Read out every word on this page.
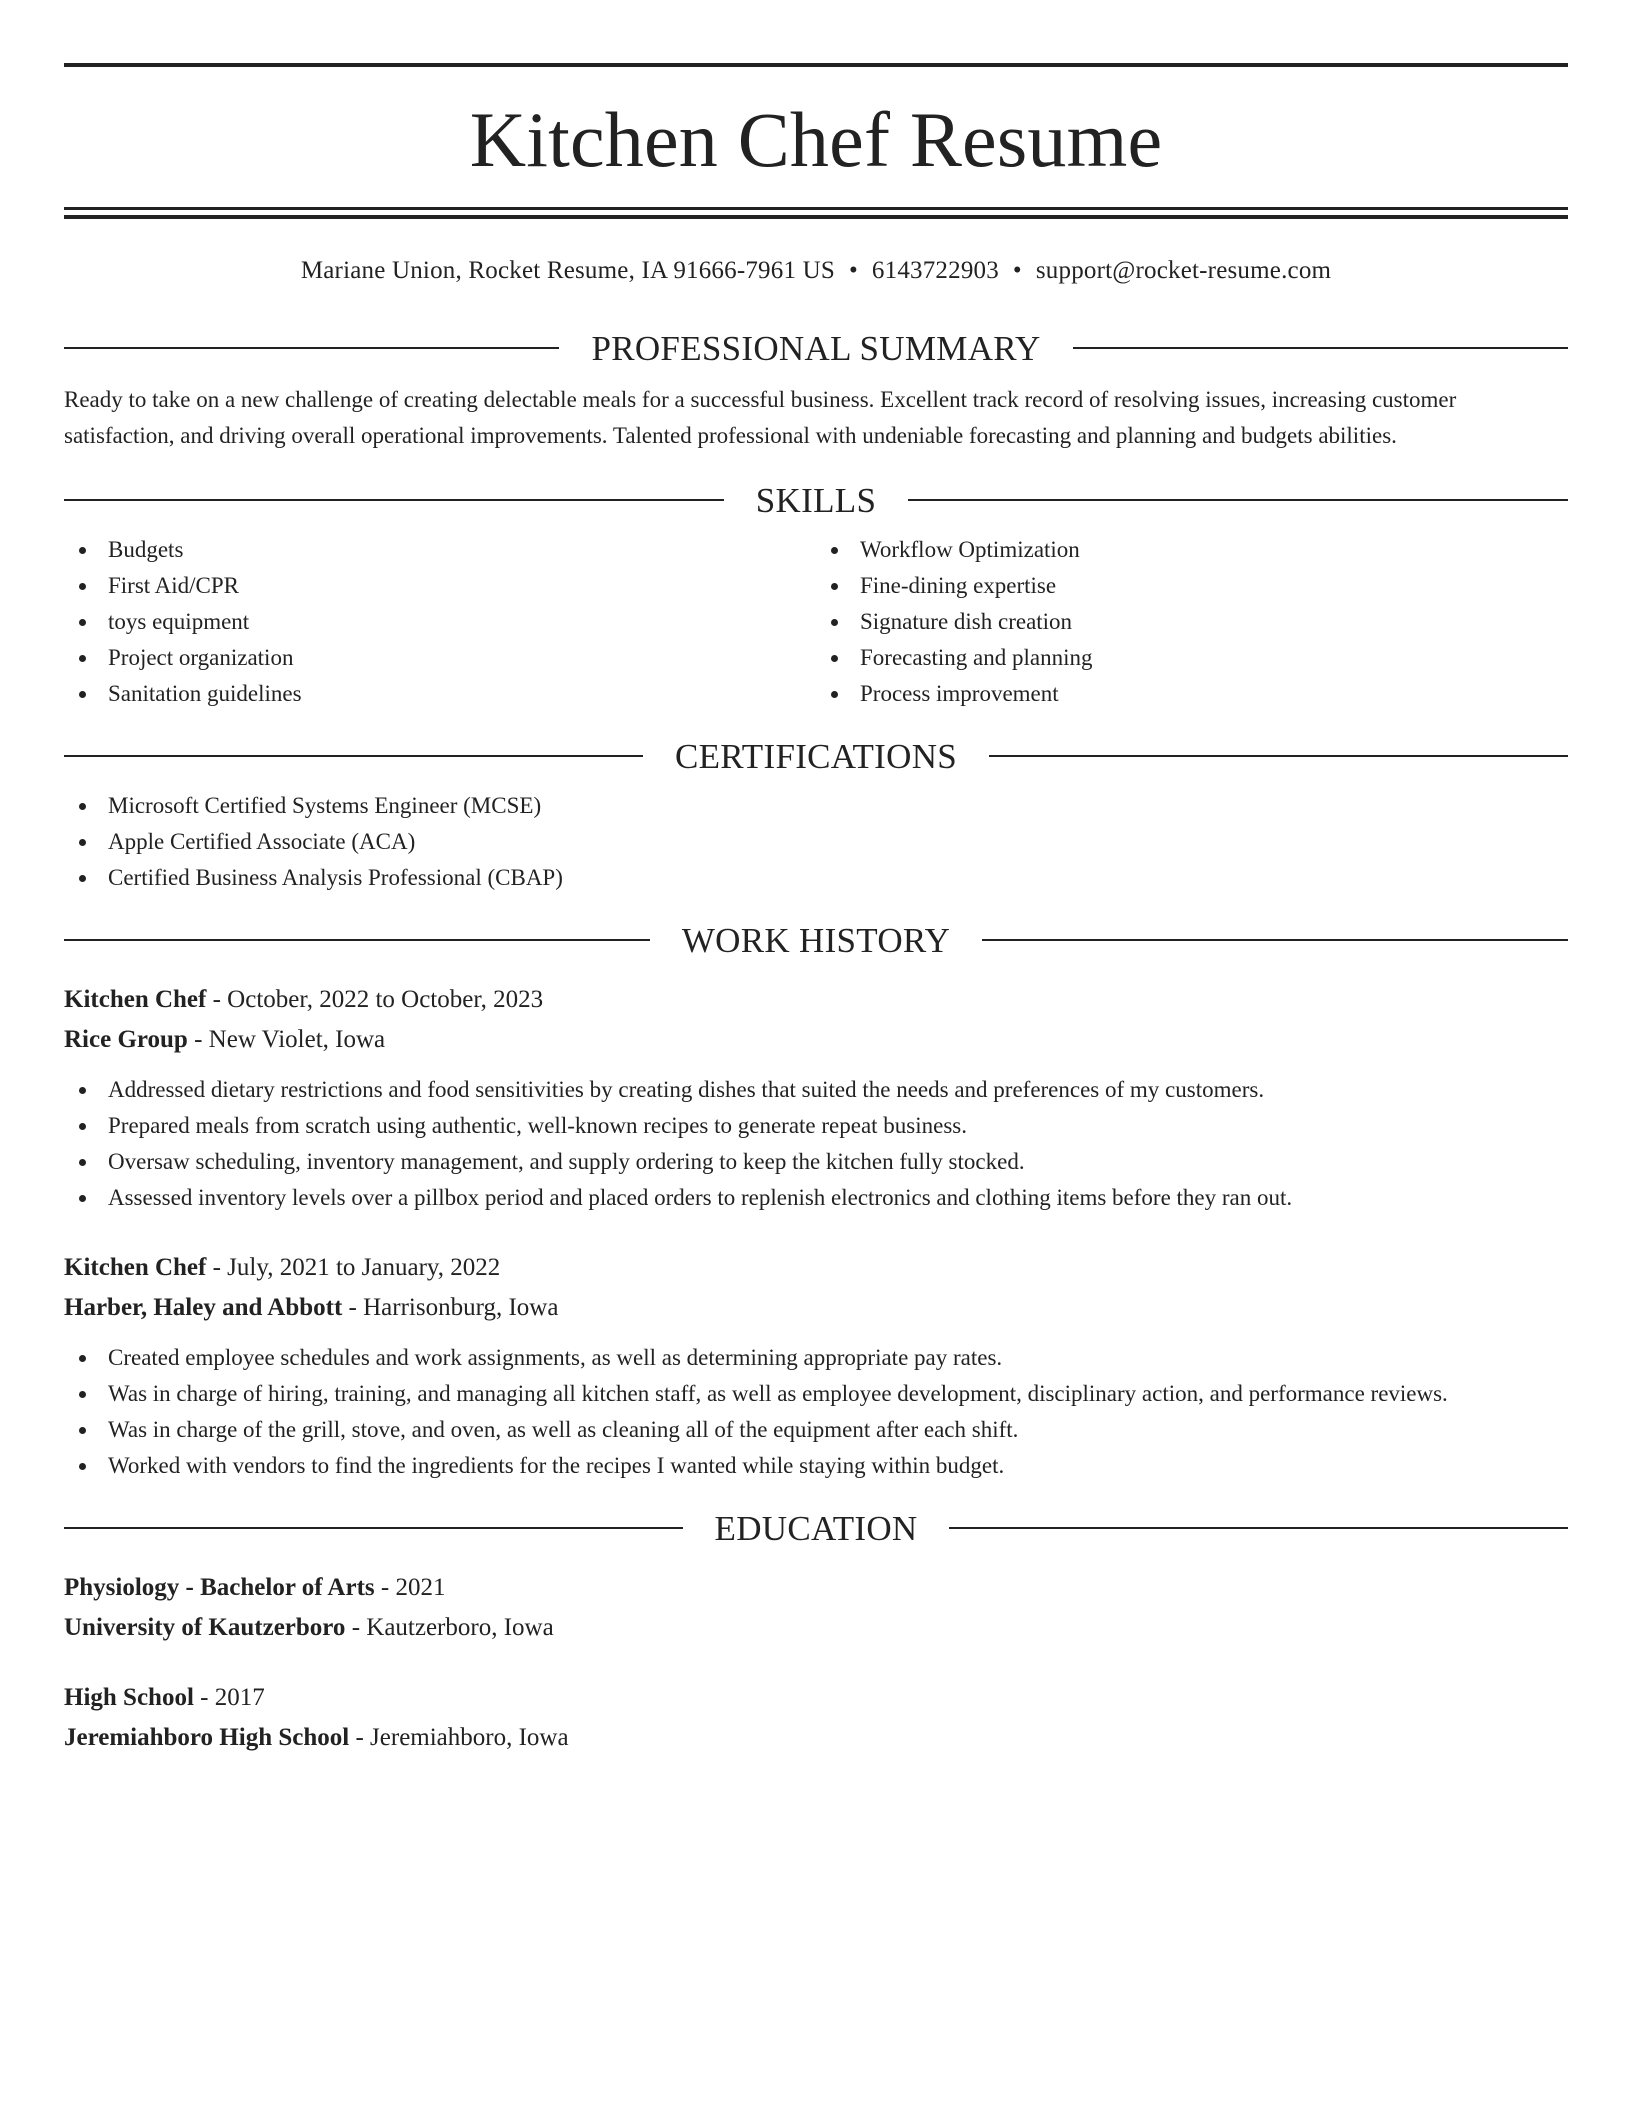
Kitchen Chef Resume
Mariane Union, Rocket Resume, IA 91666-7961 US • 6143722903 • support@rocket-resume.com
PROFESSIONAL SUMMARY

Ready to take on a new challenge of creating delectable meals for a successful business. Excellent track record of resolving issues, increasing customer satisfaction, and driving overall operational improvements. Talented professional with undeniable forecasting and planning and budgets abilities.

SKILLS
Budgets
First Aid/CPR
toys equipment
Project organization
Sanitation guidelines
Workflow Optimization
Fine-dining expertise
Signature dish creation
Forecasting and planning
Process improvement
CERTIFICATIONS
Microsoft Certified Systems Engineer (MCSE)
Apple Certified Associate (ACA)
Certified Business Analysis Professional (CBAP)
WORK HISTORY

Kitchen Chef - October, 2022 to October, 2023

Rice Group - New Violet, Iowa

Addressed dietary restrictions and food sensitivities by creating dishes that suited the needs and preferences of my customers.
Prepared meals from scratch using authentic, well-known recipes to generate repeat business.
Oversaw scheduling, inventory management, and supply ordering to keep the kitchen fully stocked.
Assessed inventory levels over a pillbox period and placed orders to replenish electronics and clothing items before they ran out.

Kitchen Chef - July, 2021 to January, 2022

Harber, Haley and Abbott - Harrisonburg, Iowa

Created employee schedules and work assignments, as well as determining appropriate pay rates.
Was in charge of hiring, training, and managing all kitchen staff, as well as employee development, disciplinary action, and performance reviews.
Was in charge of the grill, stove, and oven, as well as cleaning all of the equipment after each shift.
Worked with vendors to find the ingredients for the recipes I wanted while staying within budget.
EDUCATION

Physiology - Bachelor of Arts - 2021

University of Kautzerboro - Kautzerboro, Iowa

High School - 2017

Jeremiahboro High School - Jeremiahboro, Iowa
